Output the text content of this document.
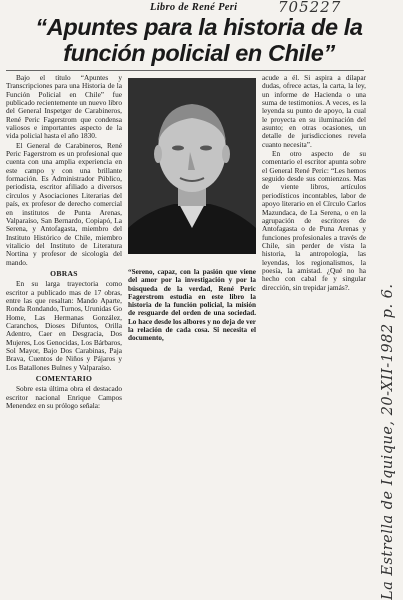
Libro de René Peri
“Apuntes para la historia de la función policial en Chile”

Bajo el título “Apuntes y Transcripciones para una Historia de la Función Policial en Chile” fue publicado recientemente un nuevo libro del General Inspetger de Carabineros, René Peric Fagerstrom que condensa valiosos e importantes aspecto de la vida policial hasta el año 1830.

El General de Carabineros, René Peric Fagerstrom es un profesional que cuenta con una amplia experiencia en este campo y con una brillante formación. Es Administrador Público, periodista, escritor afiliado a diversos círculos y Asociaciones Literarias del país, ex profesor de derecho comercial en institutos de Punta Arenas, Valparaíso, San Bernardo, Copiapó, La Serena, y Antofagasta, miembro del Instituto Histórico de Chile, miembro vitalicio del Instituto de Literatura Nortina y profesor de sicología del mando.

OBRAS

En su larga trayectoria como escritor a publicado mas de 17 obras, entre las que resaltan: Mando Aparte, Ronda Rondando, Turnos, Urunidas Go Home, Las Hermanas González, Caranchos, Dioses Difuntos, Orilla Adentro, Caer en Desgracia, Dos Mujeres, Los Genocidas, Los Bárbaros, Sol Mayor, Bajo Dos Carabinas, Paja Brava, Cuentos de Niños y Pájaros y Los Batallones Bulnes y Valparaíso.

COMENTARIO

Sobre esta última obra el destacado escritor nacional Enrique Campos Menendez en su prólogo señala:

“Sereno, capaz, con la pasión que viene del amor por la investigación y por la búsqueda de la verdad, René Peric Fagerstrom estudia en este libro la historia de la función policial, la misión de resguarde del orden de una sociedad. Lo hace desde los albores y no deja de ver la relación de cada cosa. Si necesita el documento,

acude a él. Si aspira a dilapar dudas, ofrece actas, la carta, la ley, un informe de Hacienda o una suma de testimonios. A veces, es la leyenda su punto de apoyo, la cual le proyecta en su iluminación del asunto; en otras ocasiones, un detalle de jurisdicciones revela cuanto necesita”.

En otro aspecto de su comentario el escritor apunta sobre el General René Peric: “Les hemos seguido desde sus comienzos. Mas de viente libros, artículos periodísticos incontables, labor de apoyo literario en el Círculo Carlos Mazundaca, de La Serena, o en la agrupación de escritores de Antofagasta o de Puna Arenas y funciones profesionales a través de Chile, sin perder de vista la historia, la antropología, las leyendas, los regionalismos, la poesía, la amistad. ¿Qué no ha hecho con cabal fe y singular dirección, sin trepidar jamás?.

705227
La Estrella de Iquique, 20-XII-1982 p. 6.
